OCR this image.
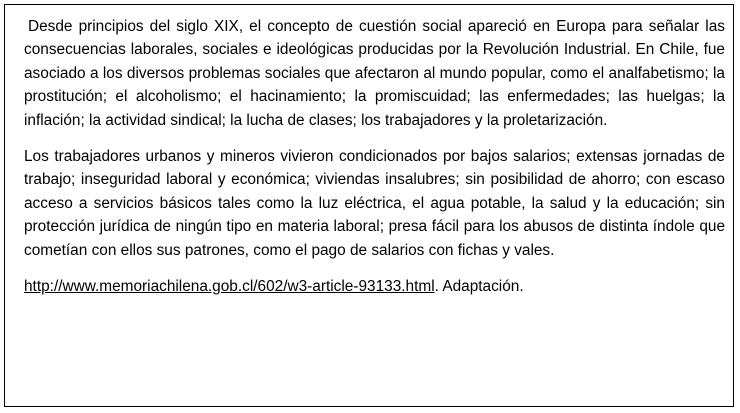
Desde principios del siglo XIX, el concepto de cuestión social apareció en Europa para señalar las consecuencias laborales, sociales e ideológicas producidas por la Revolución Industrial. En Chile, fue asociado a los diversos problemas sociales que afectaron al mundo popular, como el analfabetismo; la prostitución; el alcoholismo; el hacinamiento; la promiscuidad; las enfermedades; las huelgas; la inflación; la actividad sindical; la lucha de clases; los trabajadores y la proletarización.

Los trabajadores urbanos y mineros vivieron condicionados por bajos salarios; extensas jornadas de trabajo; inseguridad laboral y económica; viviendas insalubres; sin posibilidad de ahorro; con escaso acceso a servicios básicos tales como la luz eléctrica, el agua potable, la salud y la educación; sin protección jurídica de ningún tipo en materia laboral; presa fácil para los abusos de distinta índole que cometían con ellos sus patrones, como el pago de salarios con fichas y vales.

http://www.memoriachilena.gob.cl/602/w3-article-93133.html. Adaptación.
